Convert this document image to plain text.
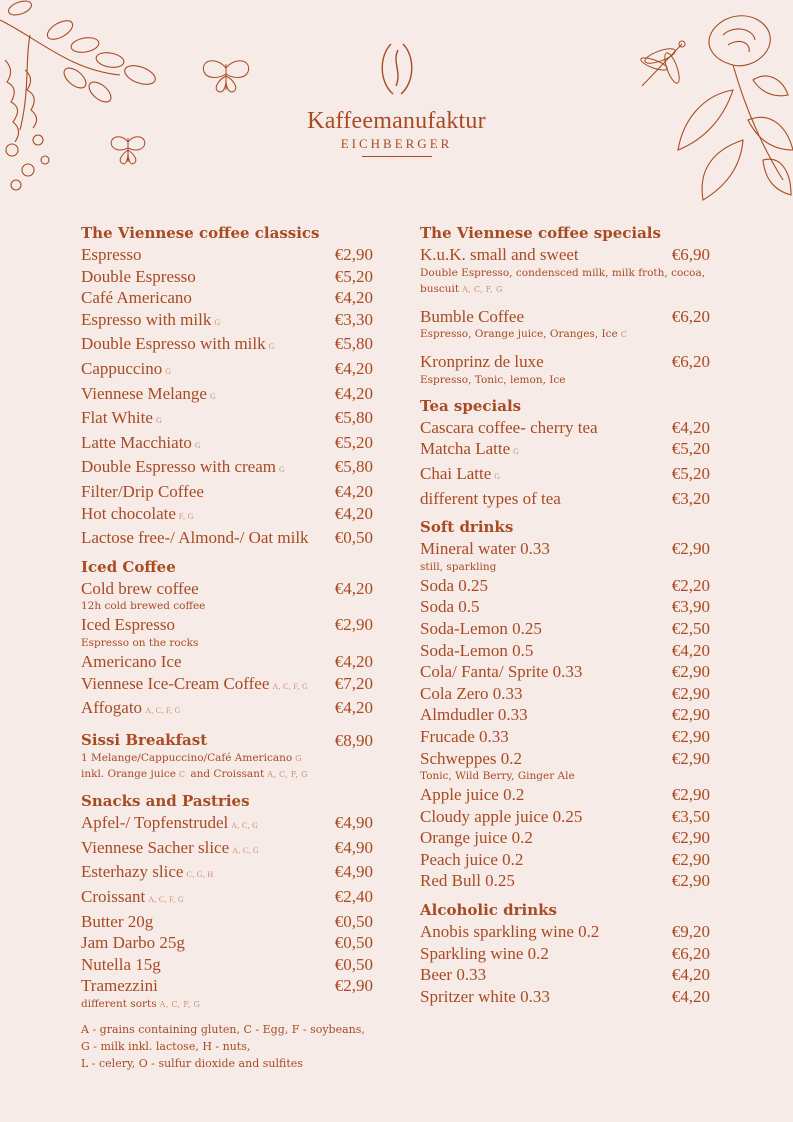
Kaffeemanufaktur
EICHBERGER
The Viennese coffee classics
Espresso	€2,90
Double Espresso	€5,20
Café Americano	€4,20
Espresso with milk G	€3,30
Double Espresso with milk G	€5,80
Cappuccino G	€4,20
Viennese Melange G	€4,20
Flat White G	€5,80
Latte Macchiato G	€5,20
Double Espresso with cream G	€5,80
Filter/Drip Coffee	€4,20
Hot chocolate F, G	€4,20
Lactose free-/ Almond-/ Oat milk €0,50
Iced Coffee
Cold brew coffee	€4,20
12h cold brewed coffee
Iced Espresso	€2,90
Espresso on the rocks
Americano Ice	€4,20
Viennese Ice-Cream Coffee A, C, F, G €7,20
Affogato A, C, F, G	€4,20
Sissi Breakfast	€8,90
1 Melange/Cappuccino/Café Americano G
inkl. Orange juice C and Croissant A, C, F, G
Snacks and Pastries
Apfel-/ Topfenstrudel A, C, G	€4,90
Viennese Sacher slice A, C, G	€4,90
Esterhazy slice C, G, H	€4,90
Croissant A, C, F, G	€2,40
Butter 20g	€0,50
Jam Darbo 25g	€0,50
Nutella 15g	€0,50
Tramezzini	€2,90
different sorts A, C, F, G
A - grains containing gluten, C - Egg, F - soybeans,
G - milk inkl. lactose, H - nuts,
L - celery, O - sulfur dioxide and sulfites
The Viennese coffee specials
K.u.K. small and sweet	€6,90
Double Espresso, condensced milk, milk froth, cocoa, buscuit A, C, F, G
Bumble Coffee	€6,20
Espresso, Orange juice, Oranges, Ice C
Kronprinz de luxe	€6,20
Espresso, Tonic, lemon, Ice
Tea specials
Cascara coffee- cherry tea	€4,20
Matcha Latte G	€5,20
Chai Latte G	€5,20
different types of tea	€3,20
Soft drinks
Mineral water 0.33	€2,90
still, sparkling
Soda 0.25	€2,20
Soda 0.5	€3,90
Soda-Lemon 0.25	€2,50
Soda-Lemon 0.5	€4,20
Cola/ Fanta/ Sprite 0.33	€2,90
Cola Zero 0.33	€2,90
Almdudler 0.33	€2,90
Frucade 0.33	€2,90
Schweppes 0.2	€2,90
Tonic, Wild Berry, Ginger Ale
Apple juice 0.2	€2,90
Cloudy apple juice 0.25	€3,50
Orange juice 0.2	€2,90
Peach juice 0.2	€2,90
Red Bull 0.25	€2,90
Alcoholic drinks
Anobis sparkling wine 0.2	€9,20
Sparkling wine 0.2	€6,20
Beer 0.33	€4,20
Spritzer white 0.33	€4,20
